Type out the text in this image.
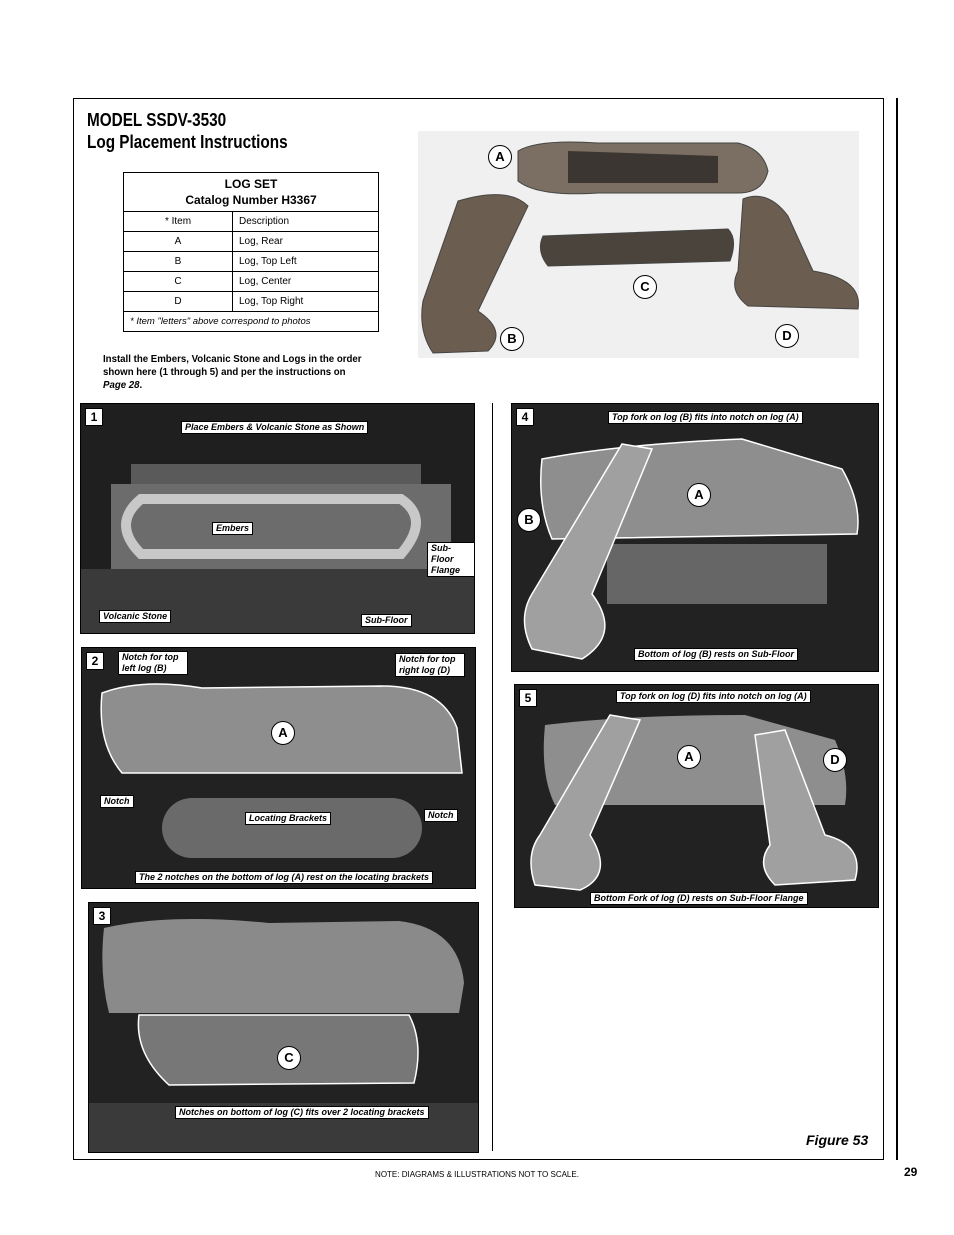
MODEL SSDV-3530
Log Placement Instructions
LOG SET
Catalog Number H3367	
* Item	Description
A	Log, Rear
B	Log, Top Left
C	Log, Center
D	Log, Top Right
* Item "letters" above correspond to photos	
Install the Embers, Volcanic Stone and Logs in the order shown here (1 through 5) and per the instructions on Page 28.
A
B
C
D
1
Place Embers & Volcanic Stone as Shown
Embers
Sub-Floor Flange
Volcanic Stone	Sub-Floor
2	Notch for top left log (B)
Notch for top right log (D)
A
Notch
Notch
Locating Brackets
The 2 notches on the bottom of log (A) rest on the locating brackets
3
C
Notches on bottom of log (C) fits over 2 locating brackets
4	Top fork on log (B) fits into notch on log (A)
A
B
Bottom of log (B) rests on Sub-Floor
5	Top fork on log (D) fits into notch on log (A)
A	D
Bottom Fork of log (D) rests on Sub-Floor Flange
Figure 53
NOTE: DIAGRAMS & ILLUSTRATIONS NOT TO SCALE.	29
